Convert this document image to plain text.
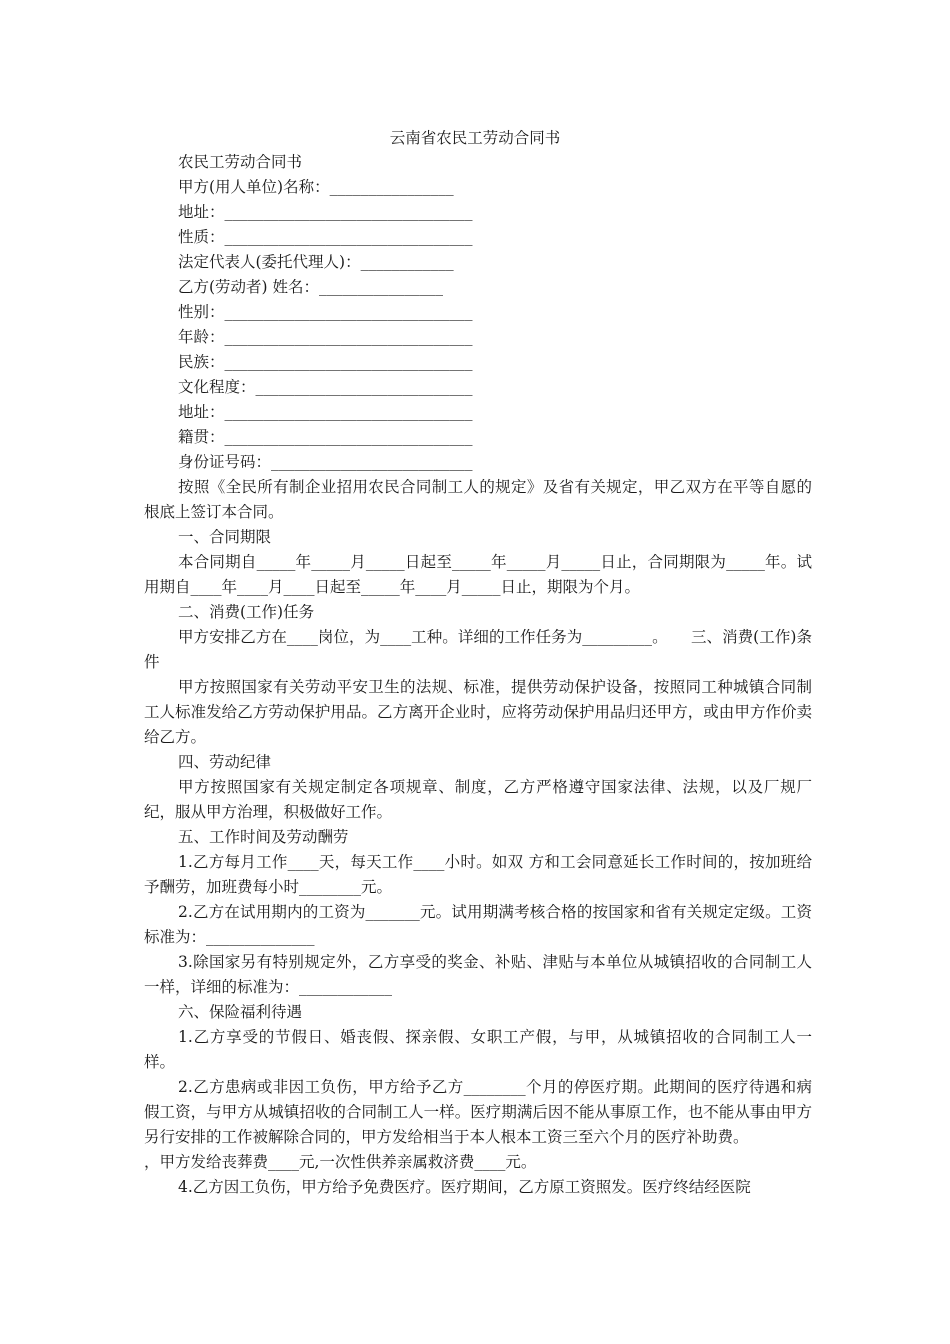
云南省农民工劳动合同书
农民工劳动合同书
甲方(用人单位)名称：________________
地址：________________________________
性质：________________________________
法定代表人(委托代理人)：____________
乙方(劳动者) 姓名：________________
性别：________________________________
年龄：________________________________
民族：________________________________
文化程度：____________________________
地址：________________________________
籍贯：________________________________
身份证号码：__________________________

按照《全民所有制企业招用农民合同制工人的规定》及省有关规定，甲乙双方在平等自愿的根底上签订本合同。

一、合同期限

本合同期自_____年_____月_____日起至_____年_____月_____日止，合同期限为_____年。试用期自____年____月____日起至_____年____月_____日止，期限为个月。

二、消费(工作)任务

甲方安排乙方在____岗位，为____工种。详细的工作任务为_________。　　三、消费(工作)条件

甲方按照国家有关劳动平安卫生的法规、标准，提供劳动保护设备，按照同工种城镇合同制工人标准发给乙方劳动保护用品。乙方离开企业时，应将劳动保护用品归还甲方，或由甲方作价卖给乙方。

四、劳动纪律

甲方按照国家有关规定制定各项规章、制度，乙方严格遵守国家法律、法规，以及厂规厂纪，服从甲方治理，积极做好工作。

五、工作时间及劳动酬劳

1.乙方每月工作____天，每天工作____小时。如双 方和工会同意延长工作时间的，按加班给予酬劳，加班费每小时________元。

2.乙方在试用期内的工资为_______元。试用期满考核合格的按国家和省有关规定定级。工资标准为：______________

3.除国家另有特别规定外，乙方享受的奖金、补贴、津贴与本单位从城镇招收的合同制工人一样，详细的标准为：____________

六、保险福利待遇

1.乙方享受的节假日、婚丧假、探亲假、女职工产假，与甲，从城镇招收的合同制工人一样。

2.乙方患病或非因工负伤，甲方给予乙方________个月的停医疗期。此期间的医疗待遇和病假工资，与甲方从城镇招收的合同制工人一样。医疗期满后因不能从事原工作，也不能从事由甲方另行安排的工作被解除合同的，甲方发给相当于本人根本工资三至六个月的医疗补助费。

，甲方发给丧葬费____元,一次性供养亲属救济费____元。

4.乙方因工负伤，甲方给予免费医疗。医疗期间，乙方原工资照发。医疗终结经医院
